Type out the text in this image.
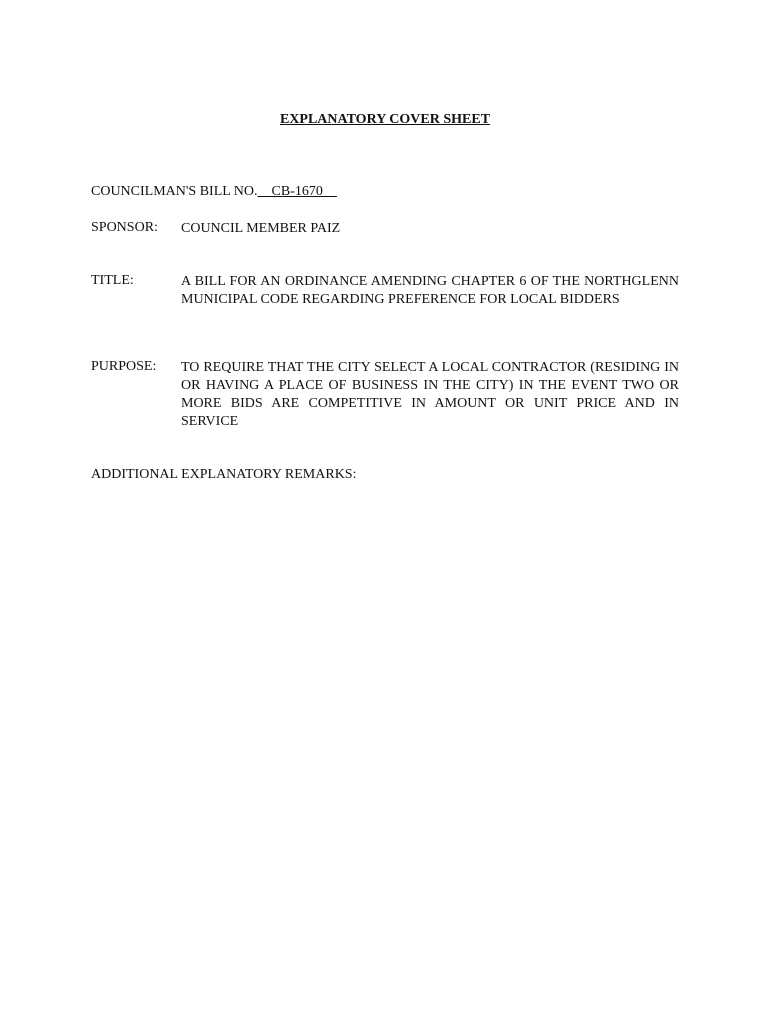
EXPLANATORY COVER SHEET
COUNCILMAN'S BILL NO.    CB-1670
SPONSOR: COUNCIL MEMBER PAIZ
TITLE:	A BILL FOR AN ORDINANCE AMENDING CHAPTER 6 OF THE NORTHGLENN MUNICIPAL CODE REGARDING PREFERENCE FOR LOCAL BIDDERS
PURPOSE: TO REQUIRE THAT THE CITY SELECT A LOCAL CONTRACTOR (RESIDING IN OR HAVING A PLACE OF BUSINESS IN THE CITY) IN THE EVENT TWO OR MORE BIDS ARE COMPETITIVE IN AMOUNT OR UNIT PRICE AND IN SERVICE
ADDITIONAL EXPLANATORY REMARKS:
